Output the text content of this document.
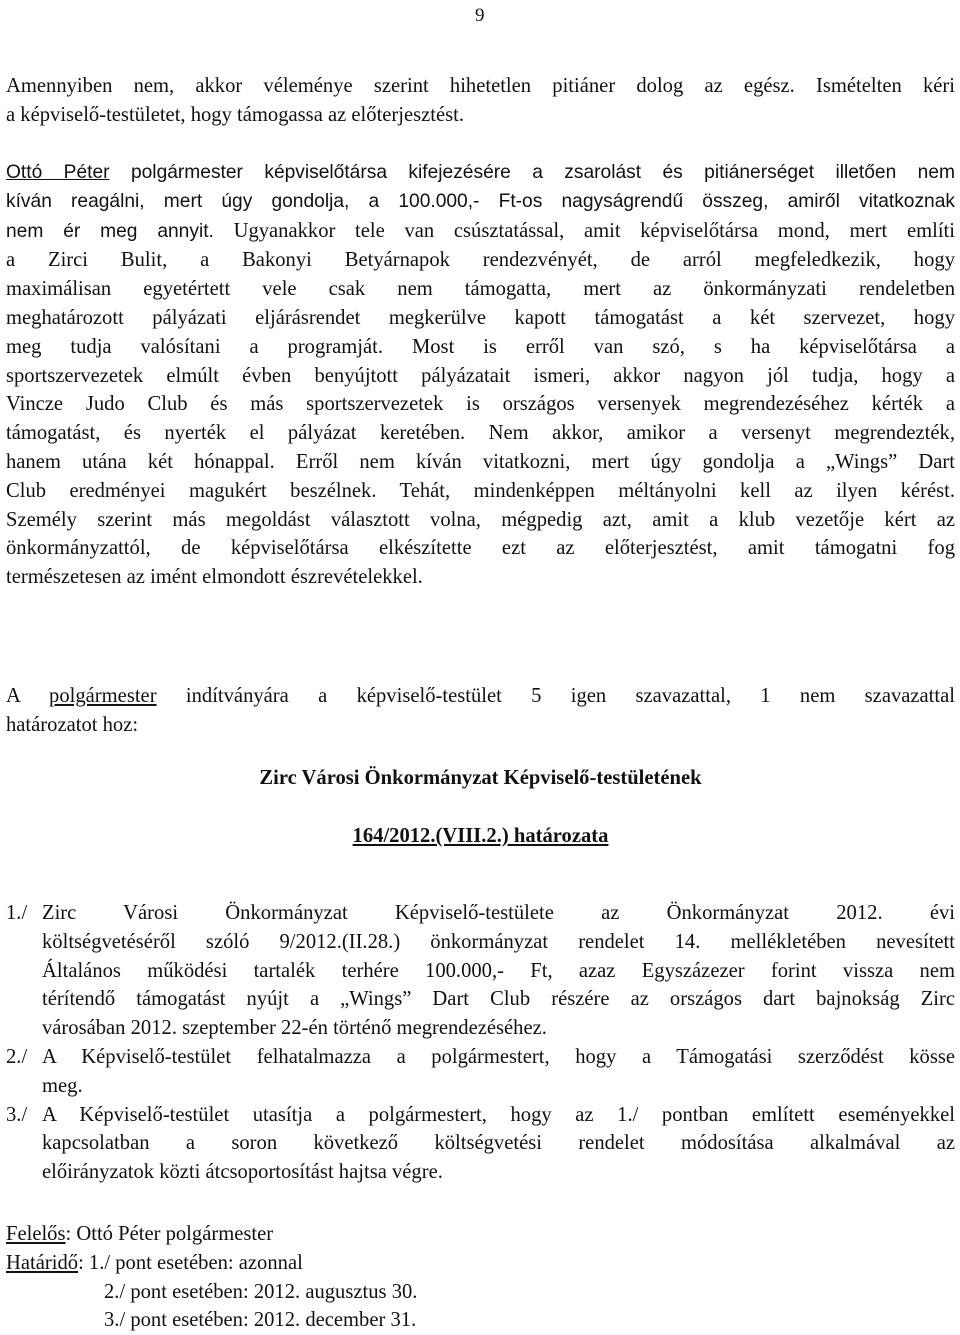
9
Amennyiben nem, akkor véleménye szerint hihetetlen pitiáner dolog az egész. Ismételten kéri
a képviselő-testületet, hogy támogassa az előterjesztést.
Ottó Péter polgármester képviselőtársa kifejezésére a zsarolást és pitiánerséget illetően nem
kíván reagálni, mert úgy gondolja, a 100.000,- Ft-os nagyságrendű összeg, amiről vitatkoznak
nem ér meg annyit. Ugyanakkor tele van csúsztatással, amit képviselőtársa mond, mert említi
a Zirci Bulit, a Bakonyi Betyárnapok rendezvényét, de arról megfeledkezik, hogy
maximálisan egyetértett vele csak nem támogatta, mert az önkormányzati rendeletben
meghatározott pályázati eljárásrendet megkerülve kapott támogatást a két szervezet, hogy
meg tudja valósítani a programját. Most is erről van szó, s ha képviselőtársa a
sportszervezetek elmúlt évben benyújtott pályázatait ismeri, akkor nagyon jól tudja, hogy a
Vincze Judo Club és más sportszervezetek is országos versenyek megrendezéséhez kérték a
támogatást, és nyerték el pályázat keretében. Nem akkor, amikor a versenyt megrendezték,
hanem utána két hónappal. Erről nem kíván vitatkozni, mert úgy gondolja a „Wings” Dart
Club eredményei magukért beszélnek. Tehát, mindenképpen méltányolni kell az ilyen kérést.
Személy szerint más megoldást választott volna, mégpedig azt, amit a klub vezetője kért az
önkormányzattól, de képviselőtársa elkészítette ezt az előterjesztést, amit támogatni fog
természetesen az imént elmondott észrevételekkel.
A polgármester indítványára a képviselő-testület 5 igen szavazattal, 1 nem szavazattal
határozatot hoz:
Zirc Városi Önkormányzat Képviselő-testületének
164/2012.(VIII.2.) határozata
1./ Zirc Városi Önkormányzat Képviselő-testülete az Önkormányzat 2012. évi
költségvetéséről szóló 9/2012.(II.28.) önkormányzat rendelet 14. mellékletében nevesített
Általános működési tartalék terhére 100.000,- Ft, azaz Egyszázezer forint vissza nem
térítendő támogatást nyújt a „Wings” Dart Club részére az országos dart bajnokság Zirc
városában 2012. szeptember 22-én történő megrendezéséhez.
2./ A Képviselő-testület felhatalmazza a polgármestert, hogy a Támogatási szerződést kösse
meg.
3./ A Képviselő-testület utasítja a polgármestert, hogy az 1./ pontban említett eseményekkel
kapcsolatban a soron következő költségvetési rendelet módosítása alkalmával az
előirányzatok közti átcsoportosítást hajtsa végre.
Felelős: Ottó Péter polgármester
Határidő: 1./ pont esetében: azonnal
2./ pont esetében: 2012. augusztus 30.
3./ pont esetében: 2012. december 31.
